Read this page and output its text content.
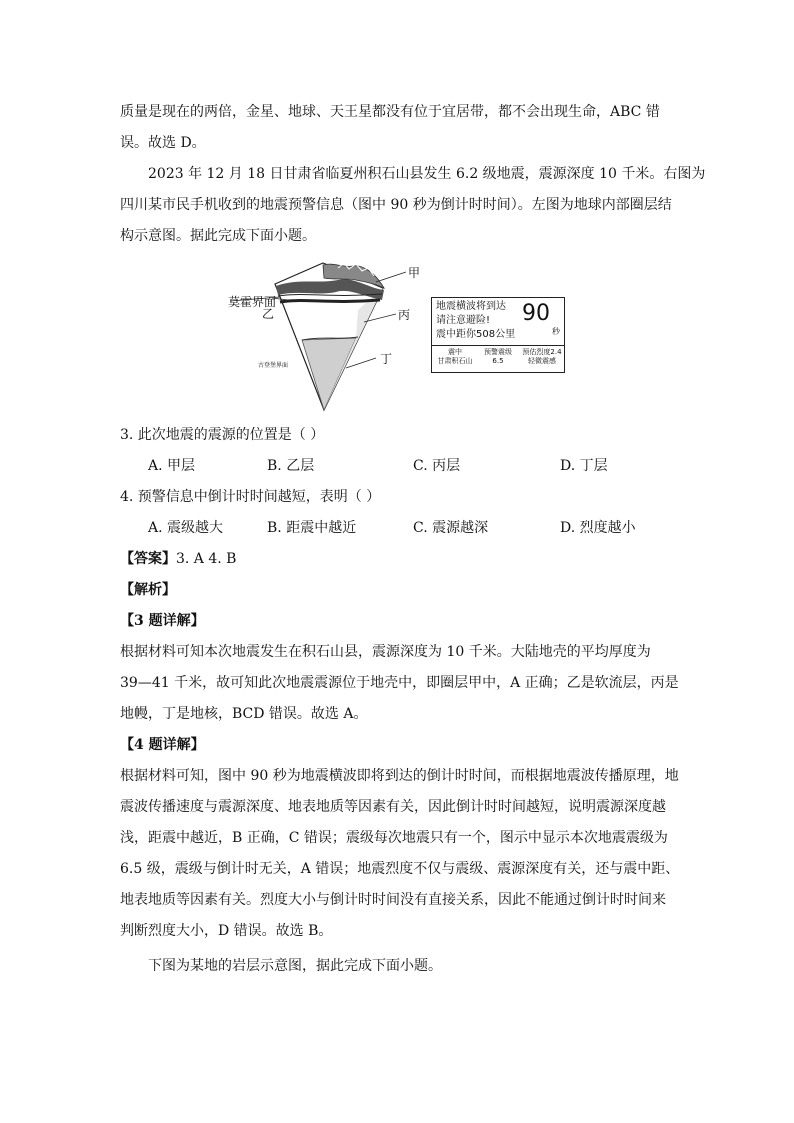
质量是现在的两倍，金星、地球、天王星都没有位于宜居带，都不会出现生命，ABC 错
误。故选 D。
2023 年 12 月 18 日甘肃省临夏州积石山县发生 6.2 级地震，震源深度 10 千米。右图为
四川某市民手机收到的地震预警信息（图中 90 秒为倒计时时间）。左图为地球内部圈层结
构示意图。据此完成下面小题。
甲
莫霍界面
乙	丙
古登堡界面	丁
地震横波将到达
请注意避险!
震中距你508公里
90
秒
震中
甘肃积石山
预警震级
6.5
预估烈度2.4
轻微震感
3. 此次地震的震源的位置是（ ）
A. 甲层	B. 乙层	C. 丙层	D. 丁层
4. 预警信息中倒计时时间越短，表明（ ）
A. 震级越大	B. 距震中越近	C. 震源越深	D. 烈度越小
【答案】3. A 4. B
【解析】
【3 题详解】
根据材料可知本次地震发生在积石山县，震源深度为 10 千米。大陆地壳的平均厚度为
39—41 千米，故可知此次地震震源位于地壳中，即圈层甲中，A 正确；乙是软流层，丙是
地幔，丁是地核，BCD 错误。故选 A。
【4 题详解】
根据材料可知，图中 90 秒为地震横波即将到达的倒计时时间，而根据地震波传播原理，地
震波传播速度与震源深度、地表地质等因素有关，因此倒计时时间越短，说明震源深度越
浅，距震中越近，B 正确，C 错误；震级每次地震只有一个，图示中显示本次地震震级为
6.5 级，震级与倒计时无关，A 错误；地震烈度不仅与震级、震源深度有关，还与震中距、
地表地质等因素有关。烈度大小与倒计时时间没有直接关系，因此不能通过倒计时时间来
判断烈度大小，D 错误。故选 B。
下图为某地的岩层示意图，据此完成下面小题。
